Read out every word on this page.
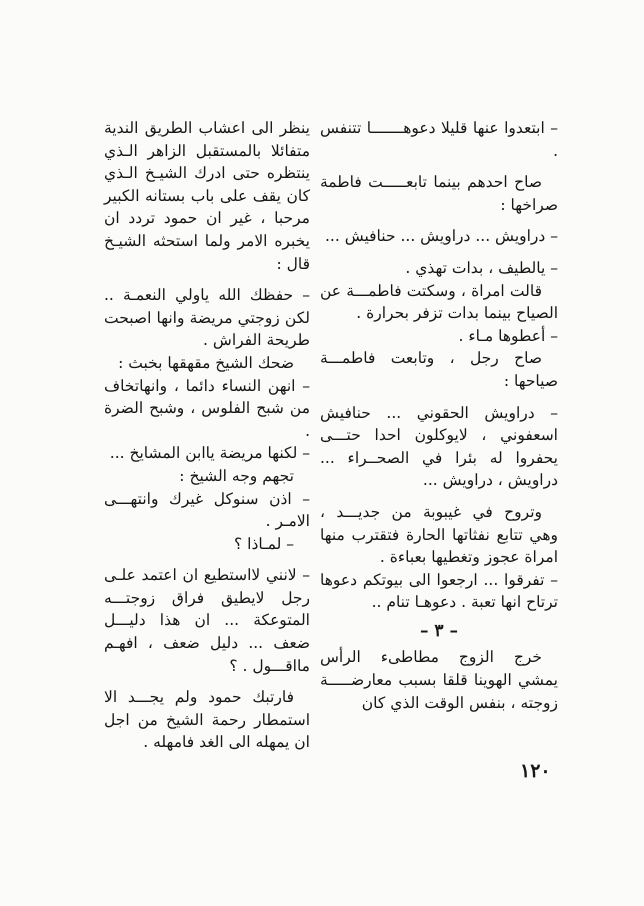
– ابتعدوا عنها قليلا دعوهـــــــا تتنفس .

صاح احدهم بينما تابعـــــت فاطمة صراخها :

– دراويش ... دراويش ... حنافيش ...

– يالطيف ، بدات تهذي .

قالت امراة ، وسكتت فاطمـــة عن الصياح بينما بدات تزفر بحرارة .

– أعطوها مـاء .

صاح رجل ، وتابعت فاطمـــة صياحها :

– دراويش الحقوني ... حنافيش اسعفوني ، لايوكلون احدا حتـــى يحفروا له بئرا في الصحــراء ... دراويش ، دراويش ...

وتروح في غيبوبة من جديـــد ، وهي تتابع نفثاتها الحارة فتقترب منها امراة عجوز وتغطيها بعباءة .

– تفرقوا ... ارجعوا الى بيوتكم دعوها ترتاح انها تعبة . دعوهـا تنام ..

– ٣ –

خرج الزوج مطاطىء الرأس يمشي الهوينا قلقا بسبب معارضـــــة زوجته ، بنفس الوقت الذي كان

ينظر الى اعشاب الطريق الندية متفائلا بالمستقبل الزاهر الـذي ينتظره حتى ادرك الشيـخ الـذي كان يقف على باب بستانه الكبير مرحبا ، غير ان حمود تردد ان يخبره الامر ولما استحثه الشيـخ قال :

– حفظك الله ياولي النعمـة .. لكن زوجتي مريضة وانها اصبحت طريحة الفراش .

ضحك الشيخ مقهقها بخبث :

– انهن النساء دائما ، وانهاتخاف من شبح الفلوس ، وشبح الضرة .

– لكنها مريضة ياابن المشايخ ...

تجهم وجه الشيخ :

– اذن سنوكل غيرك وانتهـــى الامـر .

– لمـاذا ؟

– لانني لااستطيع ان اعتمد علـى رجل لايطيق فراق زوجتـــه المتوعكة ... ان هذا دليـــل ضعف ... دليل ضعف ، افهـم مااقـــول . ؟

فارتبك حمود ولم يجـــد الا استمطار رحمة الشيخ من اجل ان يمهله الى الغد فامهله .

١٢٠
